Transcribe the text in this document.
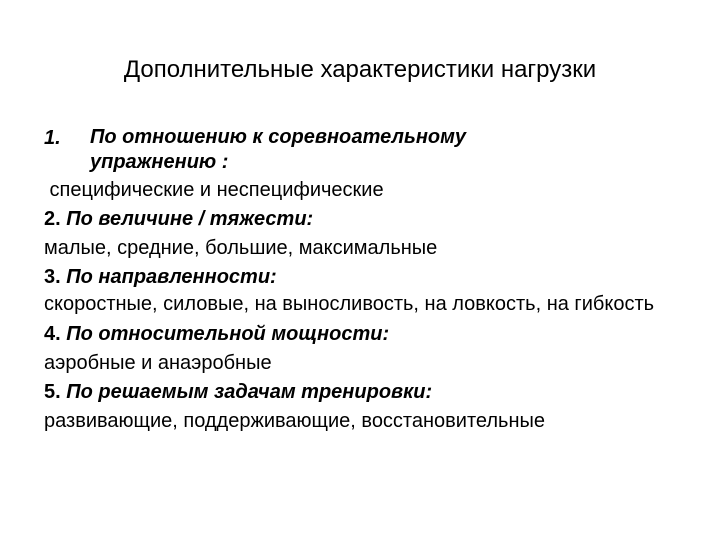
Дополнительные характеристики нагрузки
1.	По отношению к соревноательному
упражнению :
специфические и неспецифические
2. По величине / тяжести:
малые, средние, большие, максимальные
3. По направленности:
скоростные, силовые, на выносливость, на ловкость, на гибкость
4. По относительной мощности:
аэробные и анаэробные
5. По решаемым задачам тренировки:
развивающие, поддерживающие, восстановительные
